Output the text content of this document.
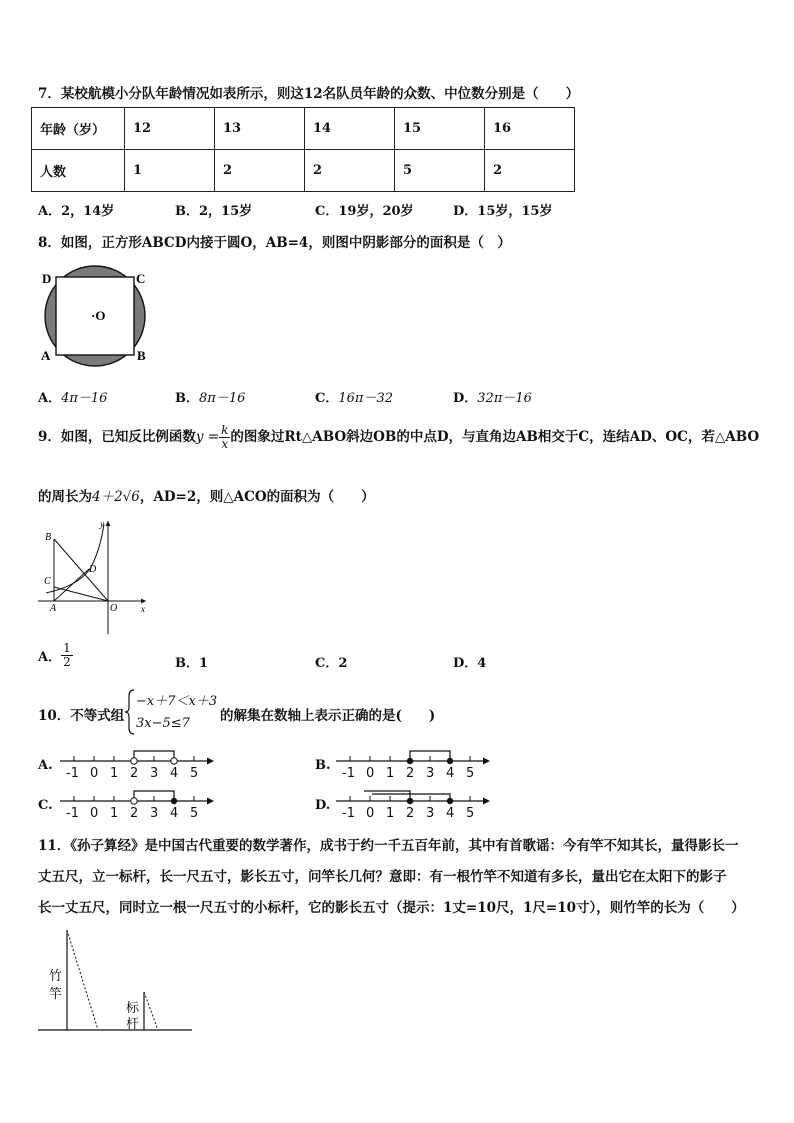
7．某校航模小分队年龄情况如表所示，则这12名队员年龄的众数、中位数分别是（　　）
年龄（岁）	12	13	14	15	16
人数	1	2	2	5	2
A．2，14岁	B．2，15岁	C．19岁，20岁	D．15岁，15岁
8．如图，正方形ABCD内接于圆O，AB=4，则图中阴影部分的面积是（　）
D	C
A	B
·O
A．4π－16	B．8π－16	C．16π－32	D．32π－16
9．如图，已知反比例函数$y = \frac{k}{x}$ 的图象过Rt△ABO斜边OB的中点D，与直角边AB相交于C，连结AD、OC，若△ABO
的周长为4＋2√6，AD=2，则△ACO的面积为（　　）
B
C
D
A	O	x
y
A． $\frac{1}{2}$	B．1	C．2	D．4
10．不等式组
−x＋7＜x＋3
3x−5≤7 的解集在数轴上表示正确的是(　　)
A.	B.
C.	D.
-1 0 1 2 3 4 5	-1 0 1 2 3 4 5
-1 0 1 2 3 4 5	-1 0 1 2 3 4 5
11．《孙子算经》是中国古代重要的数学著作，成书于约一千五百年前，其中有首歌谣：今有竿不知其长，量得影长一
丈五尺，立一标杆，长一尺五寸，影长五寸，问竿长几何？意即：有一根竹竿不知道有多长，量出它在太阳下的影子
长一丈五尺，同时立一根一尺五寸的小标杆，它的影长五寸（提示：1丈=10尺，1尺=10寸），则竹竿的长为（　　）
竹
竿
标
杆
